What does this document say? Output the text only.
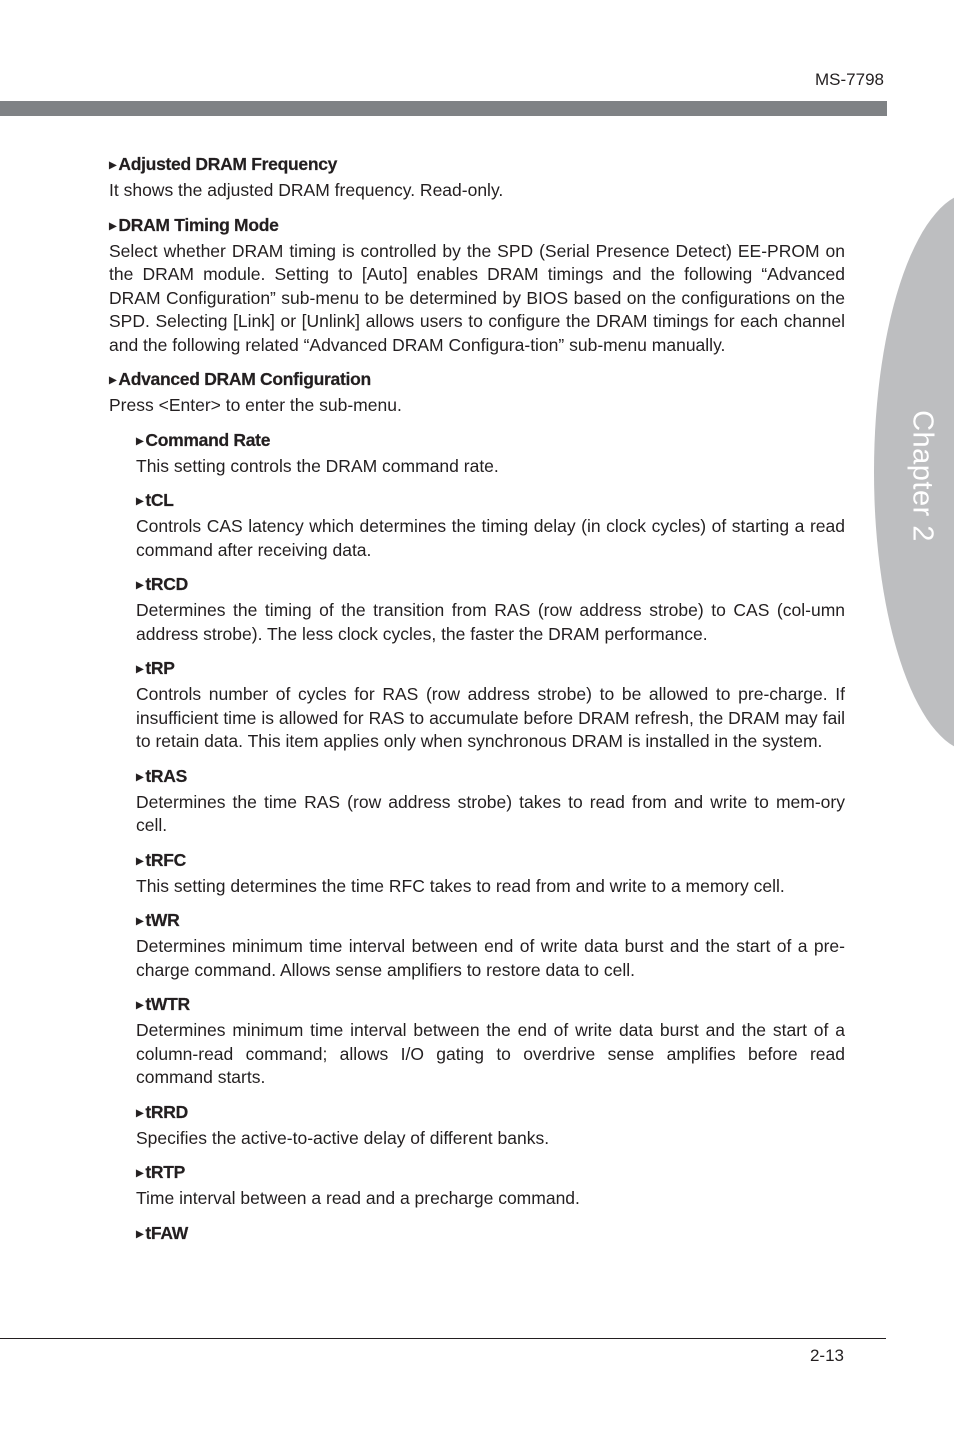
MS-7798
Chapter 2
▶ Adjusted DRAM Frequency

It shows the adjusted DRAM frequency. Read-only.

▶ DRAM Timing Mode

Select whether DRAM timing is controlled by the SPD (Serial Presence Detect) EE-PROM on the DRAM module. Setting to [Auto] enables DRAM timings and the following “Advanced DRAM Configuration” sub-menu to be determined by BIOS based on the configurations on the SPD. Selecting [Link] or [Unlink] allows users to configure the DRAM timings for each channel and the following related “Advanced DRAM Configura-tion” sub-menu manually.

▶ Advanced DRAM Configuration

Press <Enter> to enter the sub-menu.

▶ Command Rate

This setting controls the DRAM command rate.

▶ tCL

Controls CAS latency which determines the timing delay (in clock cycles) of starting a read command after receiving data.

▶ tRCD

Determines the timing of the transition from RAS (row address strobe) to CAS (col-umn address strobe). The less clock cycles, the faster the DRAM performance.

▶ tRP

Controls number of cycles for RAS (row address strobe) to be allowed to pre-charge. If insufficient time is allowed for RAS to accumulate before DRAM refresh, the DRAM may fail to retain data. This item applies only when synchronous DRAM is installed in the system.

▶ tRAS

Determines the time RAS (row address strobe) takes to read from and write to mem-ory cell.

▶ tRFC

This setting determines the time RFC takes to read from and write to a memory cell.

▶ tWR

Determines minimum time interval between end of write data burst and the start of a pre-charge command. Allows sense amplifiers to restore data to cell.

▶ tWTR

Determines minimum time interval between the end of write data burst and the start of a column-read command; allows I/O gating to overdrive sense amplifies before read command starts.

▶ tRRD

Specifies the active-to-active delay of different banks.

▶ tRTP

Time interval between a read and a precharge command.

▶ tFAW
2-13
